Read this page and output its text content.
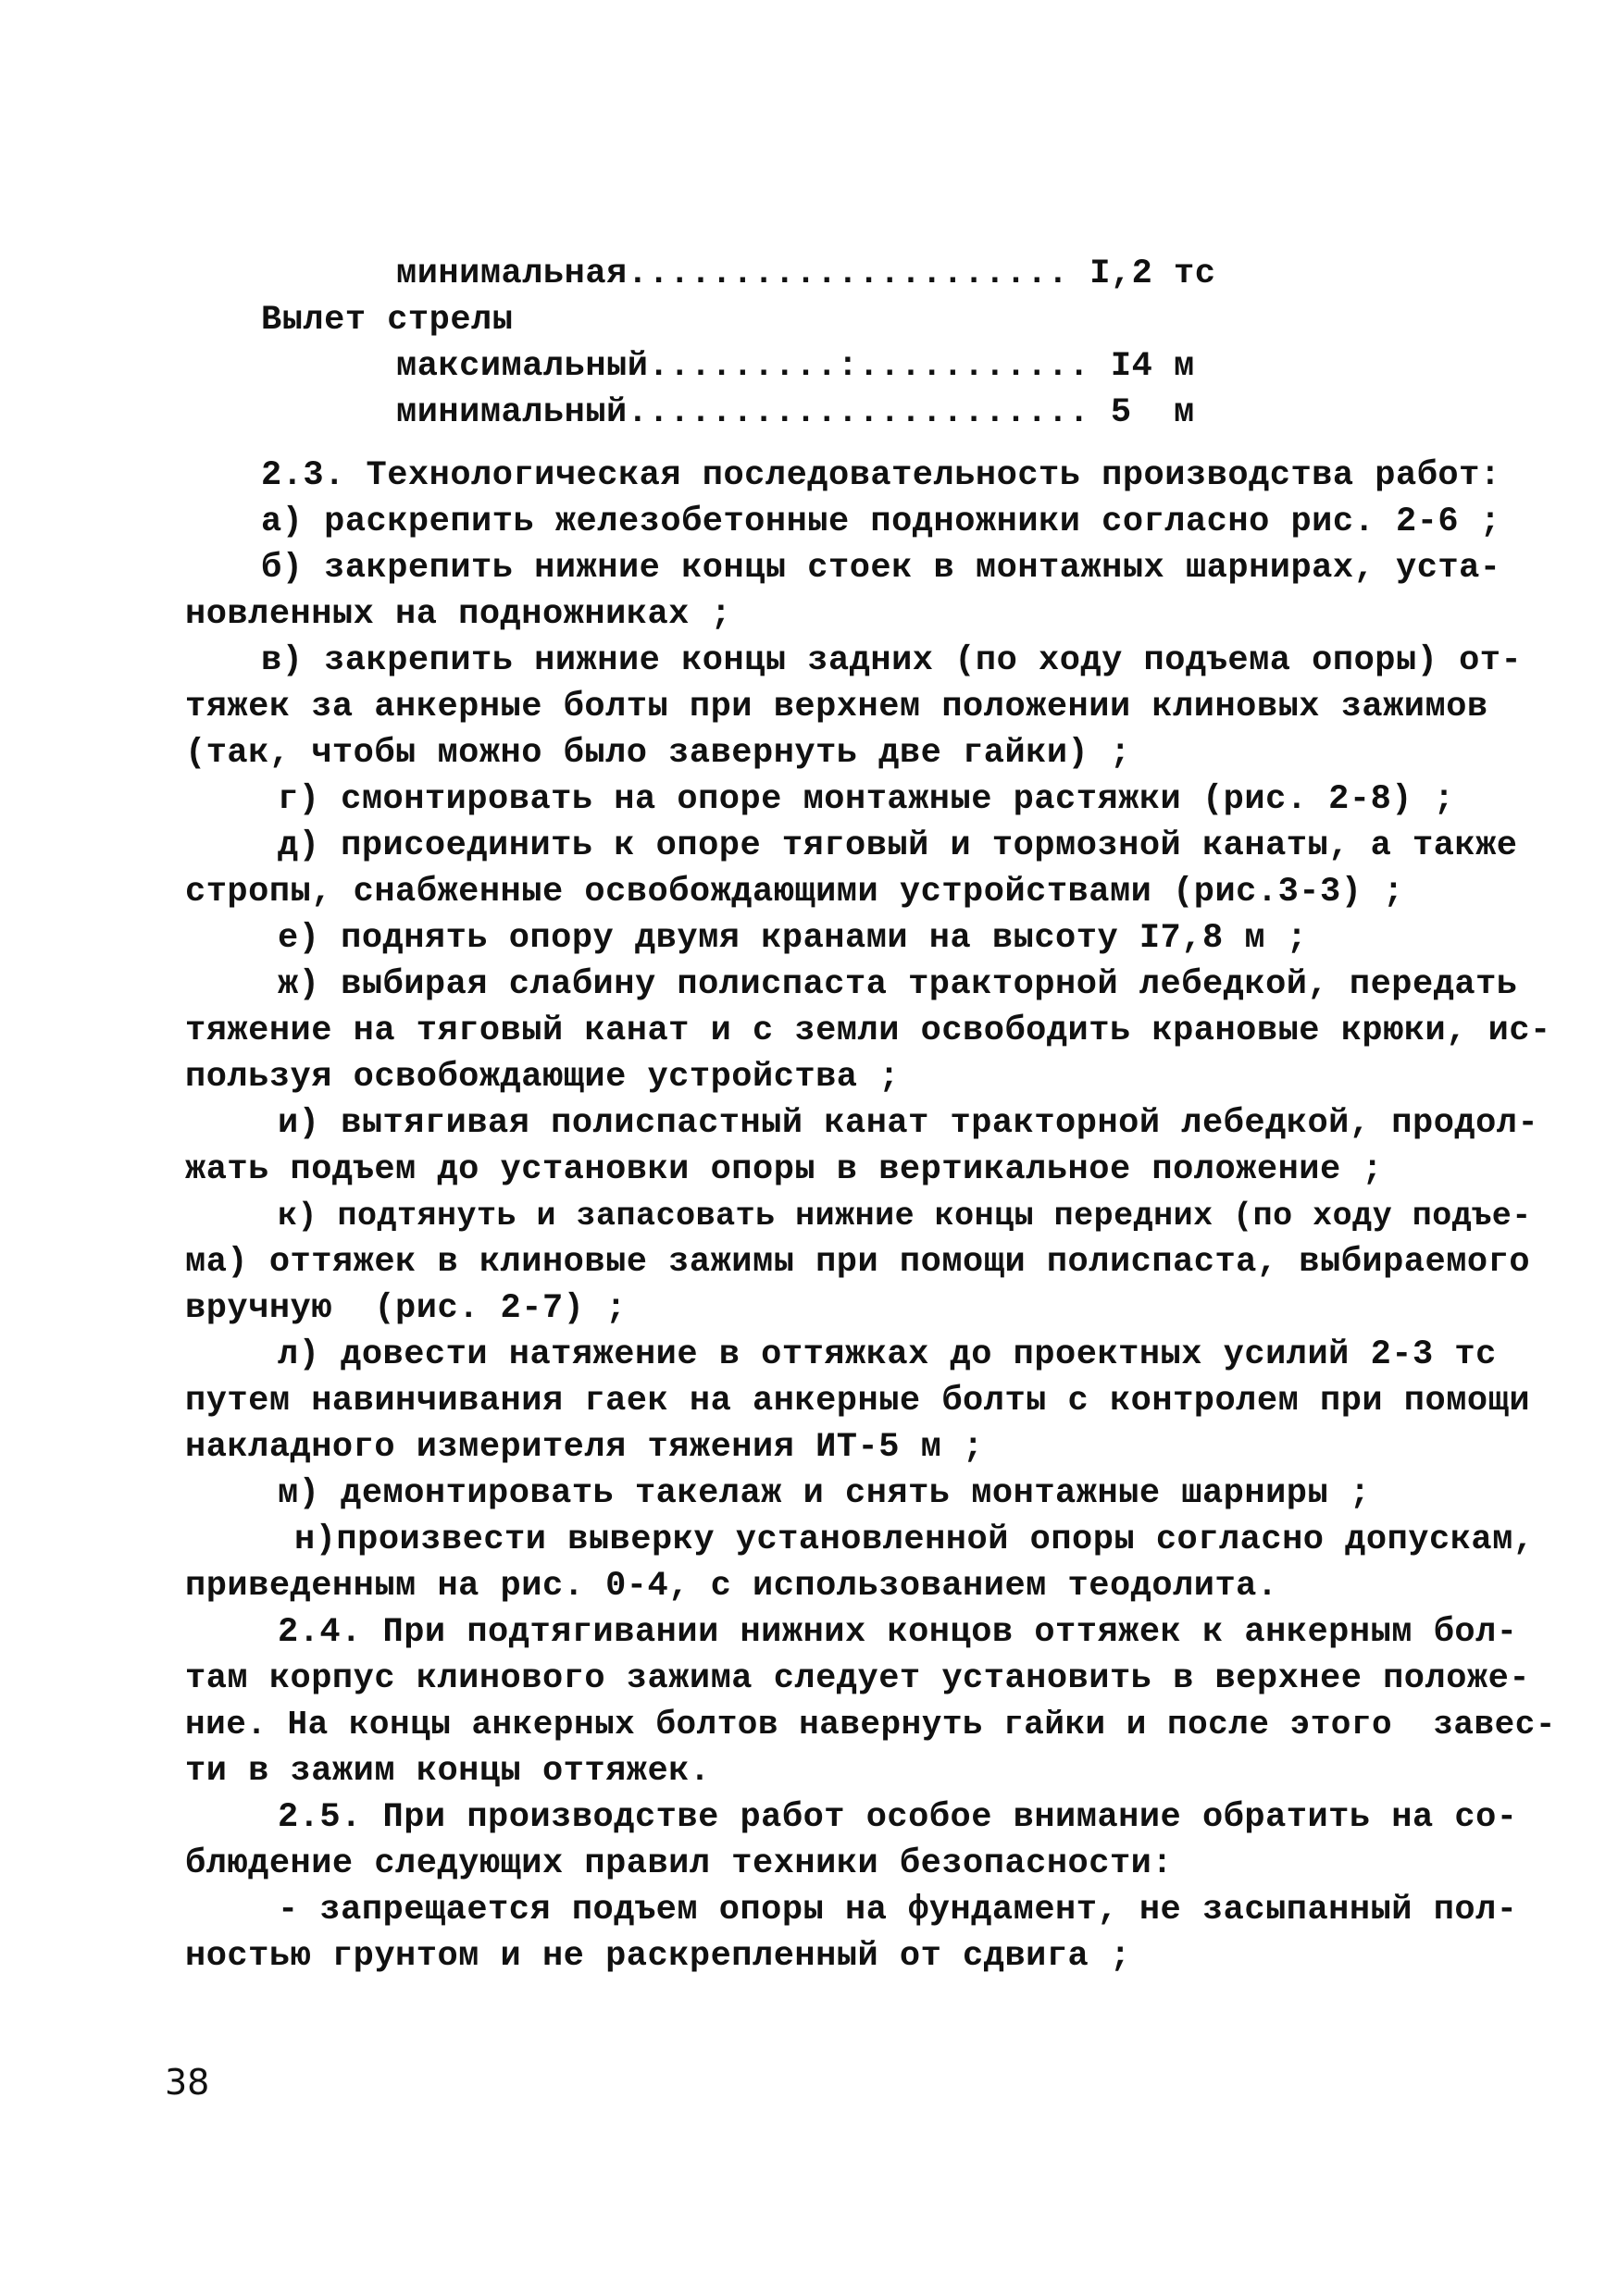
минимальная..................... I,2 тс
Вылет стрелы
максимальный.........:........... I4 м
минимальный...................... 5  м
2.3. Технологическая последовательность производства работ:
а) раскрепить железобетонные подножники согласно рис. 2-6 ;
б) закрепить нижние концы стоек в монтажных шарнирах, уста-
новленных на подножниках ;
в) закрепить нижние концы задних (по ходу подъема опоры) от-
тяжек за анкерные болты при верхнем положении клиновых зажимов
(так, чтобы можно было завернуть две гайки) ;
г) смонтировать на опоре монтажные растяжки (рис. 2-8) ;
д) присоединить к опоре тяговый и тормозной канаты, а также
стропы, снабженные освобождающими устройствами (рис.3-3) ;
е) поднять опору двумя кранами на высоту I7,8 м ;
ж) выбирая слабину полиспаста тракторной лебедкой, передать
тяжение на тяговый канат и с земли освободить крановые крюки, ис-
пользуя освобождающие устройства ;
и) вытягивая полиспастный канат тракторной лебедкой, продол-
жать подъем до установки опоры в вертикальное положение ;
к) подтянуть и запасовать нижние концы передних (по ходу подъе-
ма) оттяжек в клиновые зажимы при помощи полиспаста, выбираемого
вручную  (рис. 2-7) ;
л) довести натяжение в оттяжках до проектных усилий 2-3 тс
путем навинчивания гаек на анкерные болты с контролем при помощи
накладного измерителя тяжения ИТ-5 м ;
м) демонтировать такелаж и снять монтажные шарниры ;
н)произвести выверку установленной опоры согласно допускам,
приведенным на рис. 0-4, с использованием теодолита.
2.4. При подтягивании нижних концов оттяжек к анкерным бол-
там корпус клинового зажима следует установить в верхнее положе-
ние. На концы анкерных болтов навернуть гайки и после этого  завес-
ти в зажим концы оттяжек.
2.5. При производстве работ особое внимание обратить на со-
блюдение следующих правил техники безопасности:
- запрещается подъем опоры на фундамент, не засыпанный пол-
ностью грунтом и не раскрепленный от сдвига ;
38
